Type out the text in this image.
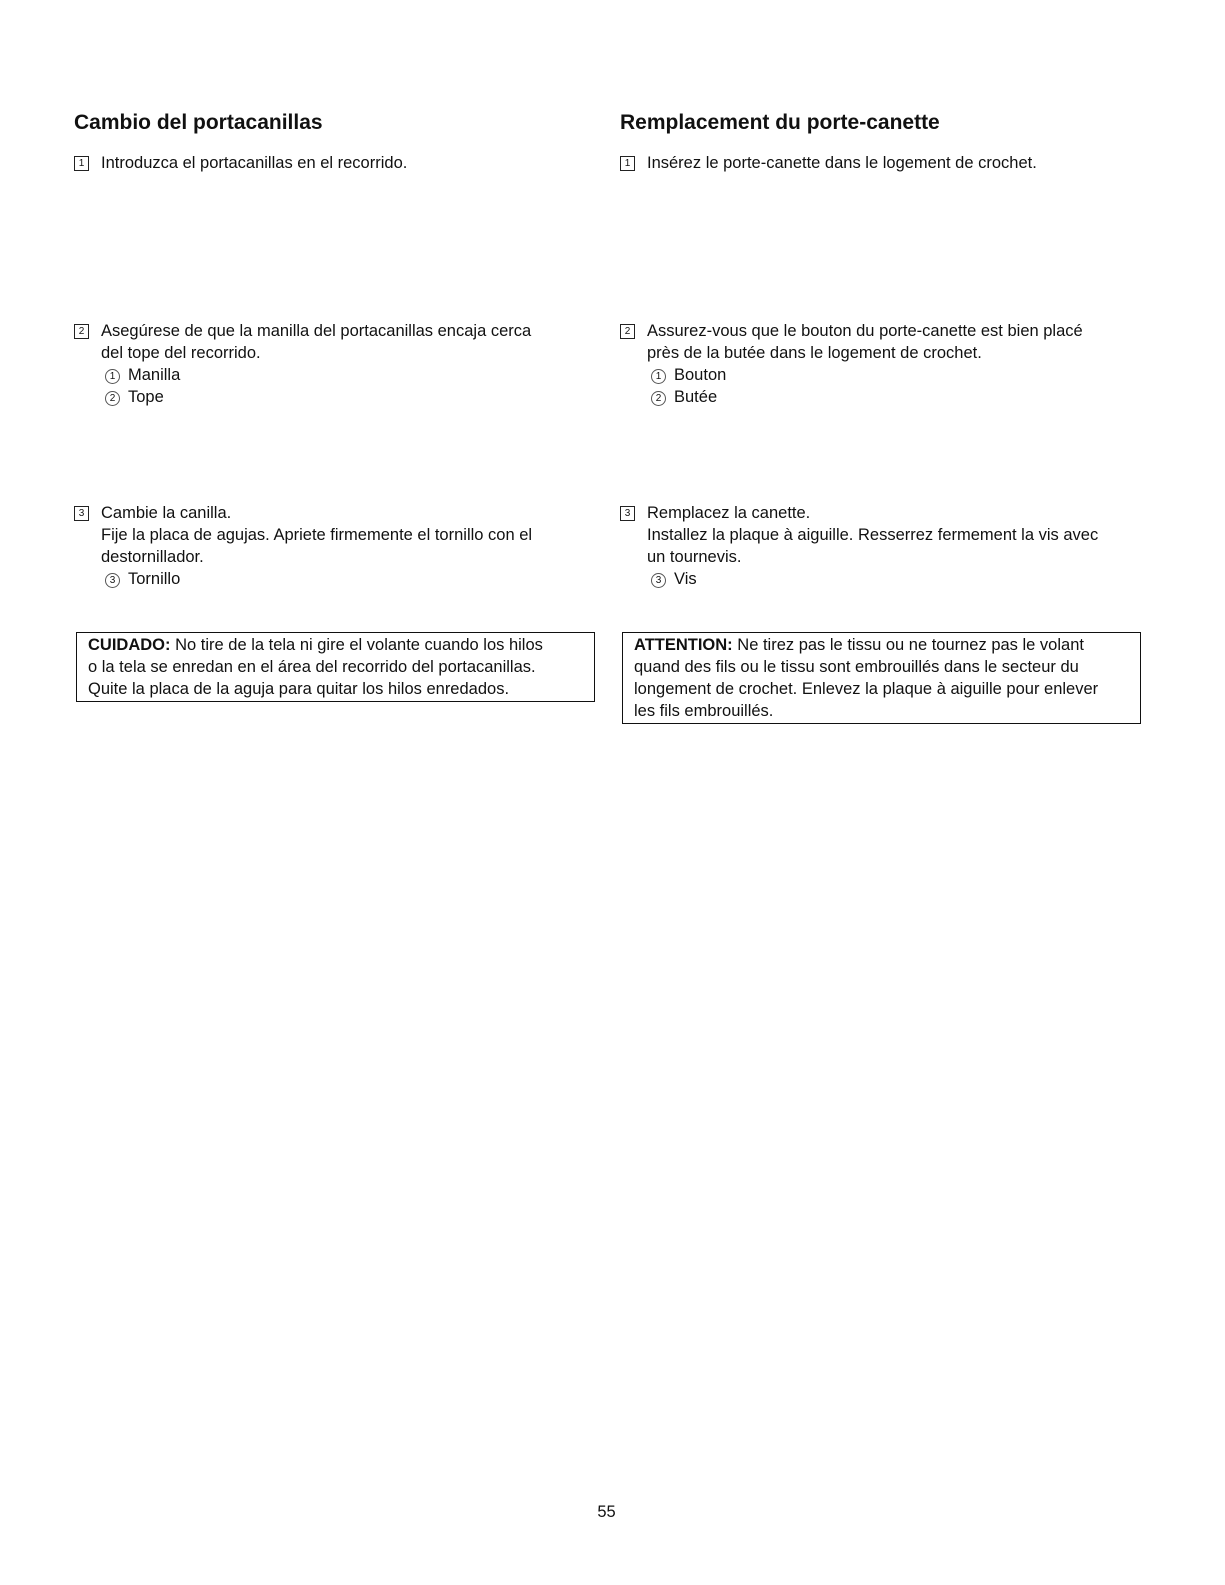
Cambio del portacanillas
1 Introduzca el portacanillas en el recorrido.
2 Asegúrese de que la manilla del portacanillas encaja cerca
del tope del recorrido.
1 Manilla
2 Tope
3 Cambie la canilla.
Fije la placa de agujas. Apriete firmemente el tornillo con el
destornillador.
3 Tornillo
CUIDADO: No tire de la tela ni gire el volante cuando los hilos
o la tela se enredan en el área del recorrido del portacanillas.
Quite la placa de la aguja para quitar los hilos enredados.
Remplacement du porte-canette
1 Insérez le porte-canette dans le logement de crochet.
2 Assurez-vous que le bouton du porte-canette est bien placé
près de la butée dans le logement de crochet.
1 Bouton
2 Butée
3 Remplacez la canette.
Installez la plaque à aiguille. Resserrez fermement la vis avec
un tournevis.
3 Vis
ATTENTION: Ne tirez pas le tissu ou ne tournez pas le volant
quand des fils ou le tissu sont embrouillés dans le secteur du
longement de crochet. Enlevez la plaque à aiguille pour enlever
les fils embrouillés.
55
